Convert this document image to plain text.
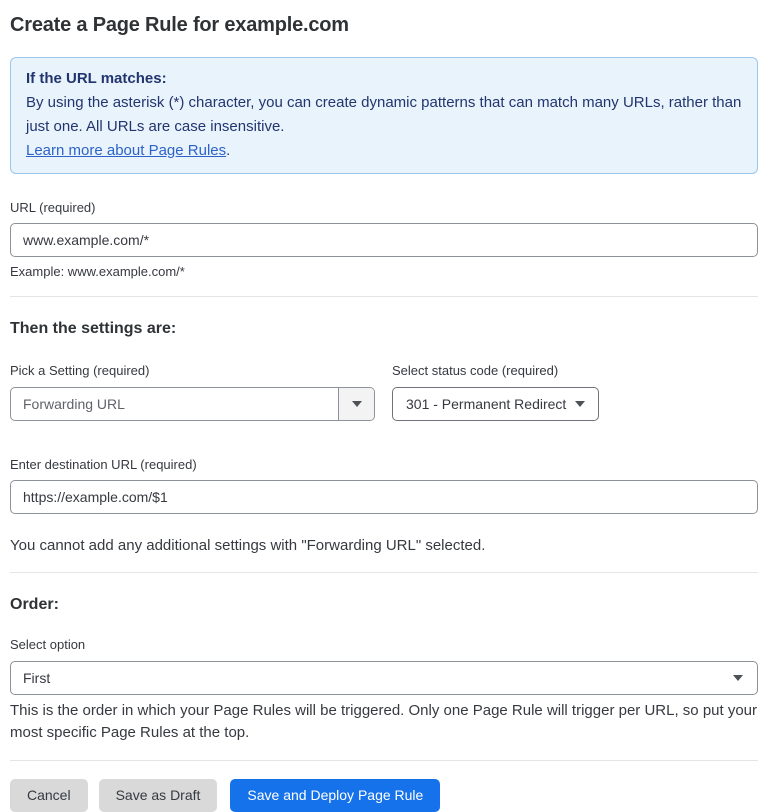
Create a Page Rule for example.com
If the URL matches:
By using the asterisk (*) character, you can create dynamic patterns that can match many URLs, rather than just one. All URLs are case insensitive.
Learn more about Page Rules.
URL (required)
www.example.com/*
Example: www.example.com/*
Then the settings are:
Pick a Setting (required)
Forwarding URL
Select status code (required)
301 - Permanent Redirect
Enter destination URL (required)
https://example.com/$1

You cannot add any additional settings with "Forwarding URL" selected.

Order:
Select option
First

This is the order in which your Page Rules will be triggered. Only one Page Rule will trigger per URL, so put your most specific Page Rules at the top.

Cancel	Save as Draft	Save and Deploy Page Rule
